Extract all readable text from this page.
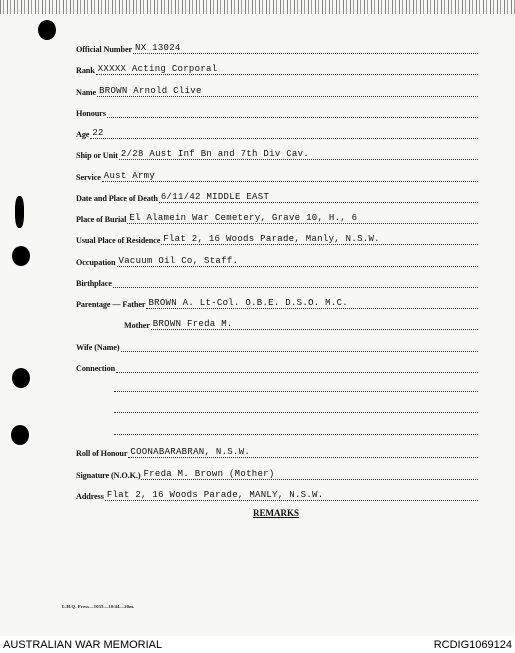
Official Number NX 13024
Rank XXXXX Acting Corporal
Name BROWN Arnold Clive
Honours
Age 22
Ship or Unit 2/28 Aust Inf Bn and 7th Div Cav.
Service Aust Army
Date and Place of Death 6/11/42 MIDDLE EAST
Place of Burial El Alamein War Cemetery, Grave 10, H., 6
Usual Place of Residence Flat 2, 16 Woods Parade, Manly, N.S.W.
Occupation Vacuum Oil Co, Staff.
Birthplace
Parentage — Father BROWN A. Lt-Col. O.B.E. D.S.O. M.C.
Mother BROWN Freda M.
Wife (Name)
Connection
Roll of Honour COONABARABRAN, N.S.W.
Signature (N.O.K.) Freda M. Brown (Mother)
Address Flat 2, 16 Woods Parade, MANLY, N.S.W.
REMARKS
L.H.Q. Press—1035—10/44—20m.
AUSTRALIAN WAR MEMORIAL	RCDIG1069124
